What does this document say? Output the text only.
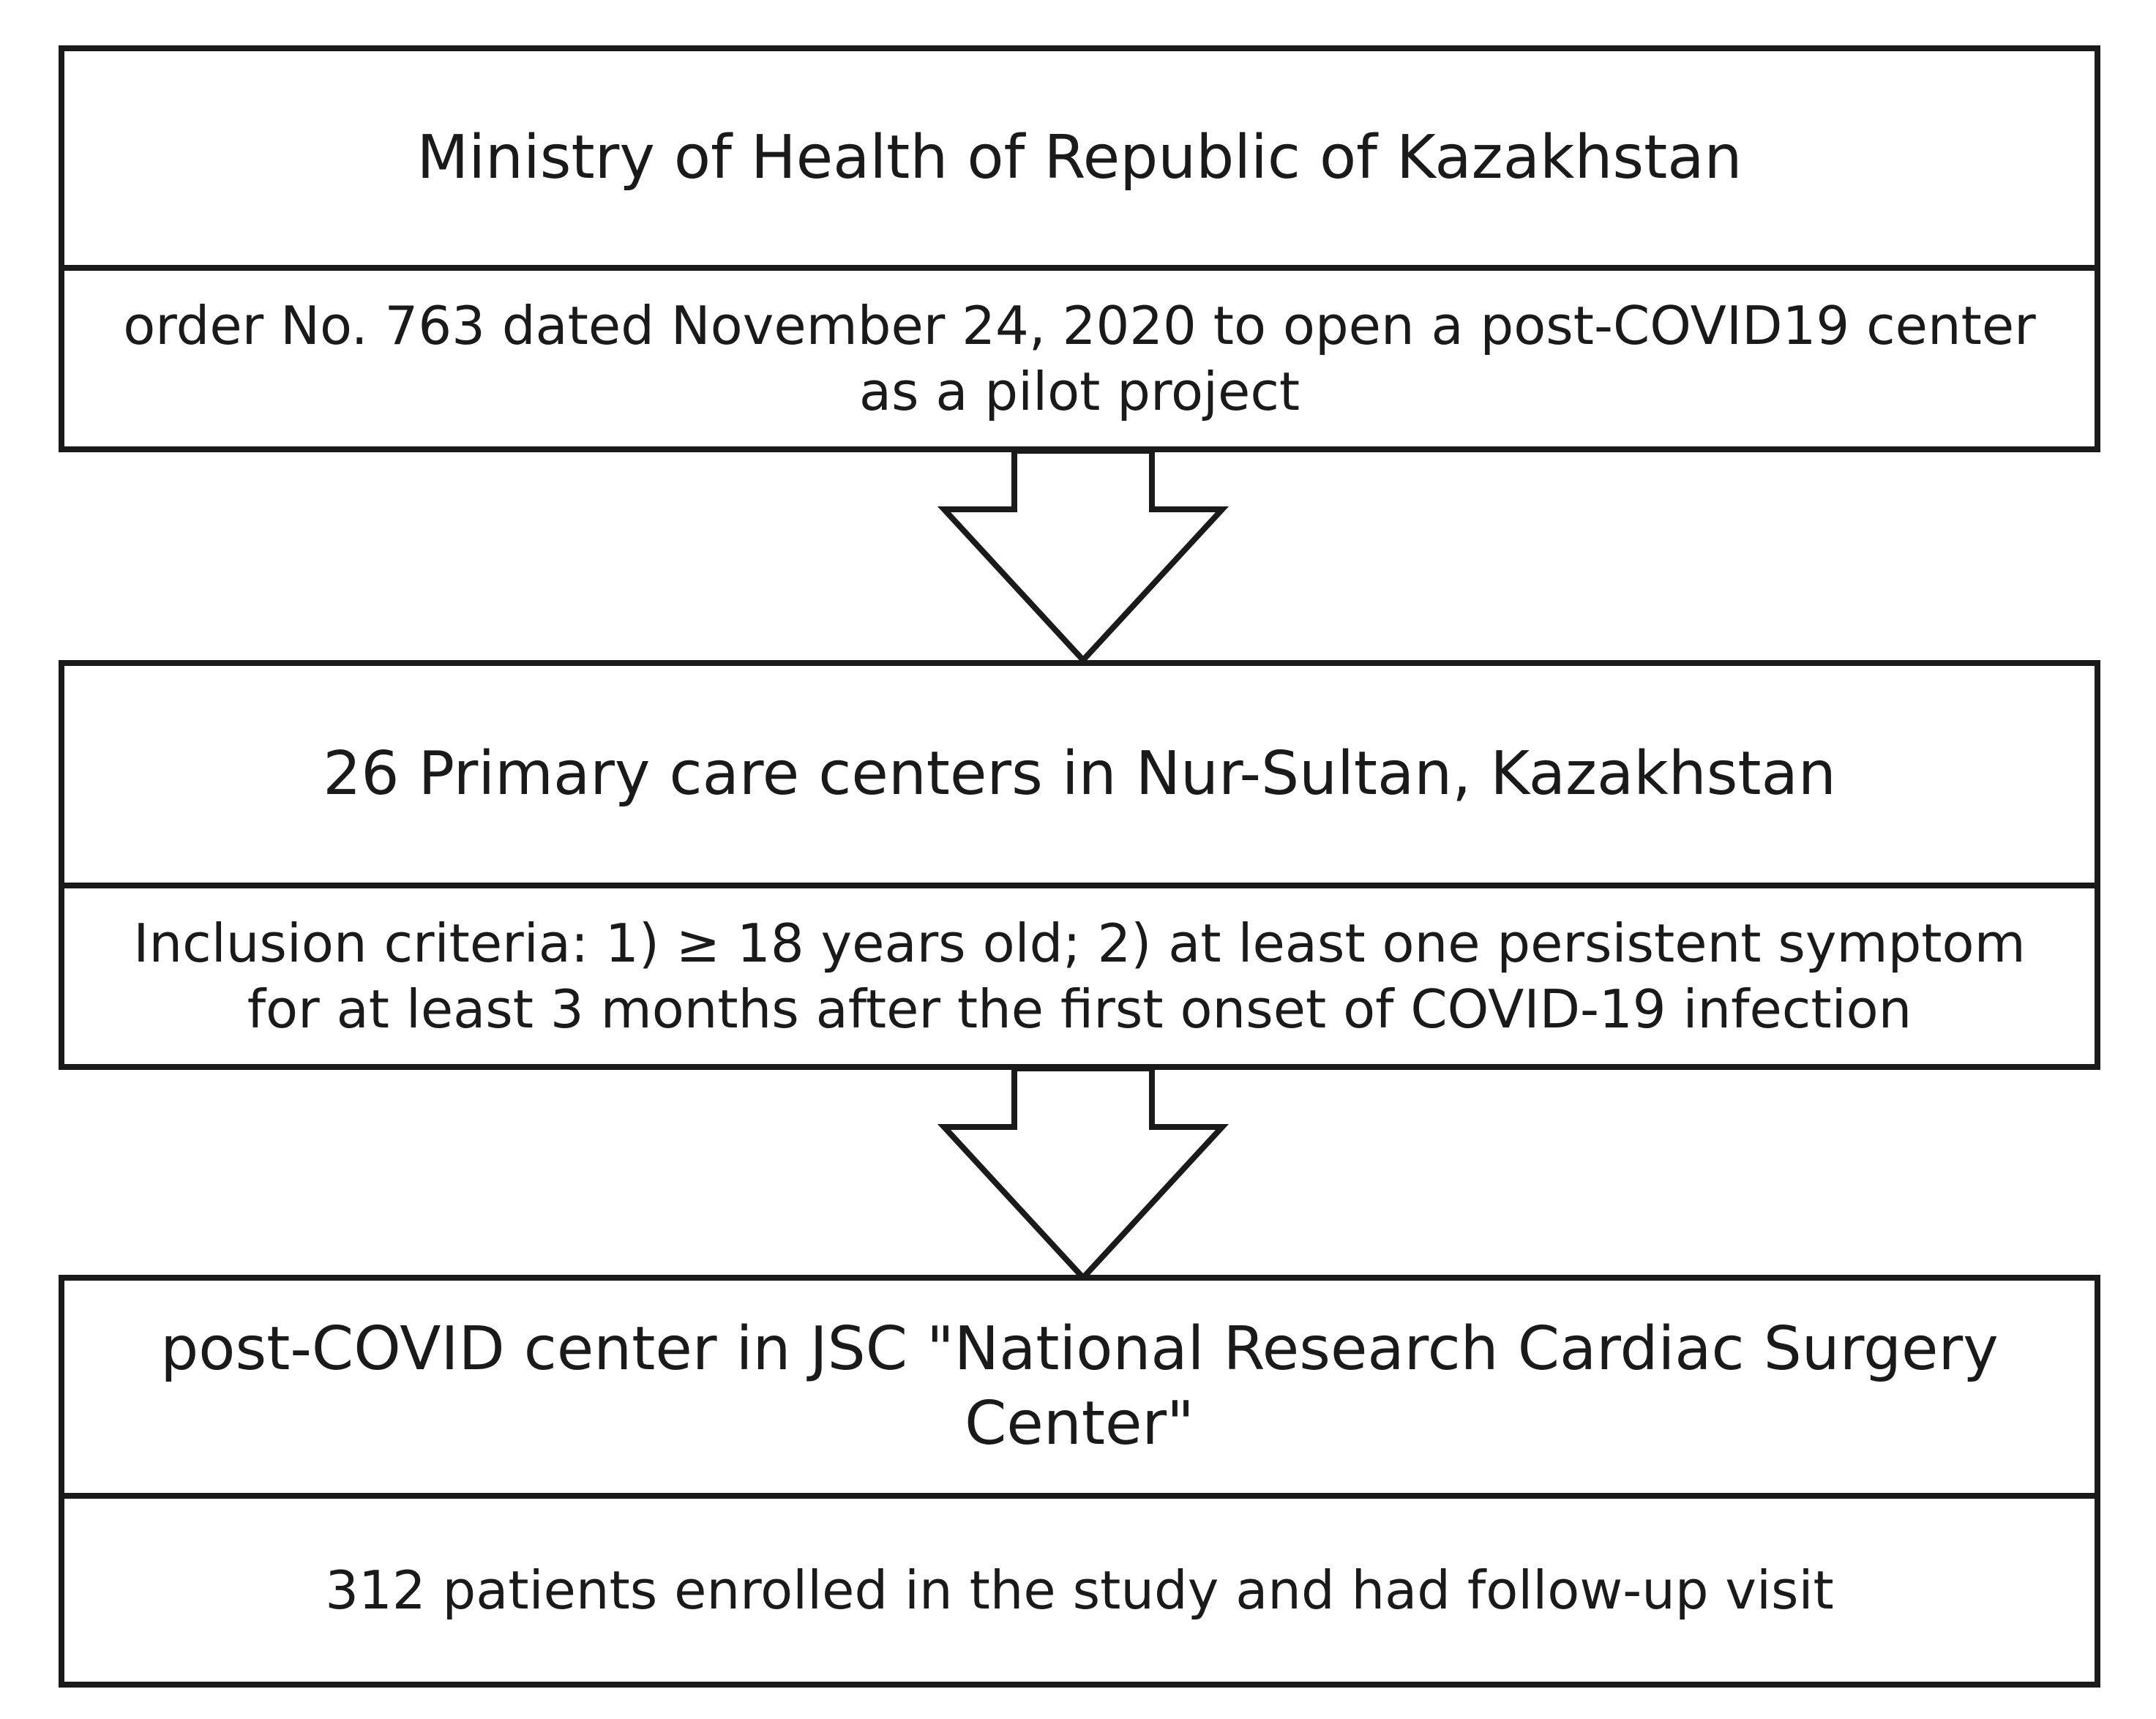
Ministry of Health of Republic of Kazakhstan
order No. 763 dated November 24, 2020 to open a post-COVID19 center as a pilot project
26 Primary care centers in Nur-Sultan, Kazakhstan
Inclusion criteria: 1) ≥ 18 years old; 2) at least one persistent symptom for at least 3 months after the first onset of COVID-19 infection
post-COVID center in JSC "National Research Cardiac Surgery Center"
312 patients enrolled in the study and had follow-up visit
